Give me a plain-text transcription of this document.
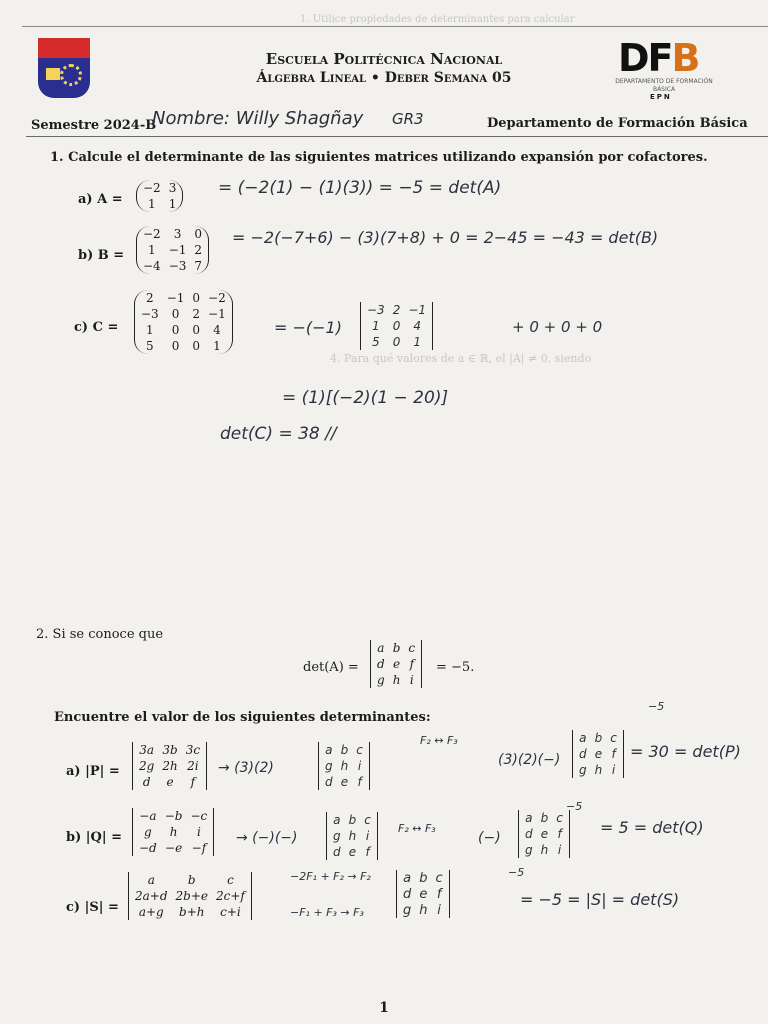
1. Utilice propiedades de determinantes para calcular
Escuela Politécnica Nacional
Álgebra Lineal • Deber Semana 05	DFB
DEPARTAMENTO DE FORMACIÓN BÁSICA
EPN
Semestre 2024-B
Nombre: Willy Shagñay GR3	Departamento de Formación Básica
1. Calcule el determinante de las siguientes matrices utilizando expansión por cofactores.
a) A =
−2	3
1	1
= (−2(1) − (1)(3)) = −5 = det(A)
b) B =
−2	3	0
1	−1	2
−4	−3	7
= −2(−7+6) − (3)(7+8) + 0 = 2−45 = −43 = det(B)
c) C =
2	−1	0	−2
−3	0	2	−1
1	0	0	4
5	0	0	1
= −(−1)
−3	2	−1
1	0	4
5	0	1
+ 0 + 0 + 0
4. Para qué valores de a ∈ ℝ, el |A| ≠ 0, siendo
= (1)[(−2)(1 − 20)]
det(C) = 38 //
2. Si se conoce que
det(A) =
a	b	c
d	e	f
g	h	i
= −5.
Encuentre el valor de los siguientes determinantes:
a) |P| =
3a	3b	3c
2g	2h	2i
d	e	f
→ (3)(2)
a	b	c
g	h	i
d	e	f
F₂ ↔ F₃
(3)(2)(−)
a	b	c
d	e	f
g	h	i
= 30 = det(P)
−5
b) |Q| =
−a	−b	−c
g	h	i
−d	−e	−f
→ (−)(−)
a	b	c
g	h	i
d	e	f
F₂ ↔ F₃
(−)
a	b	c
d	e	f
g	h	i
= 5 = det(Q)
−5
c) |S| =
a	b	c
2a+d	2b+e	2c+f
a+g	b+h	c+i
−2F₁ + F₂ → F₂
−F₁ + F₃ → F₃
a	b	c
d	e	f
g	h	i
= −5 = |S| = det(S)
−5
1
